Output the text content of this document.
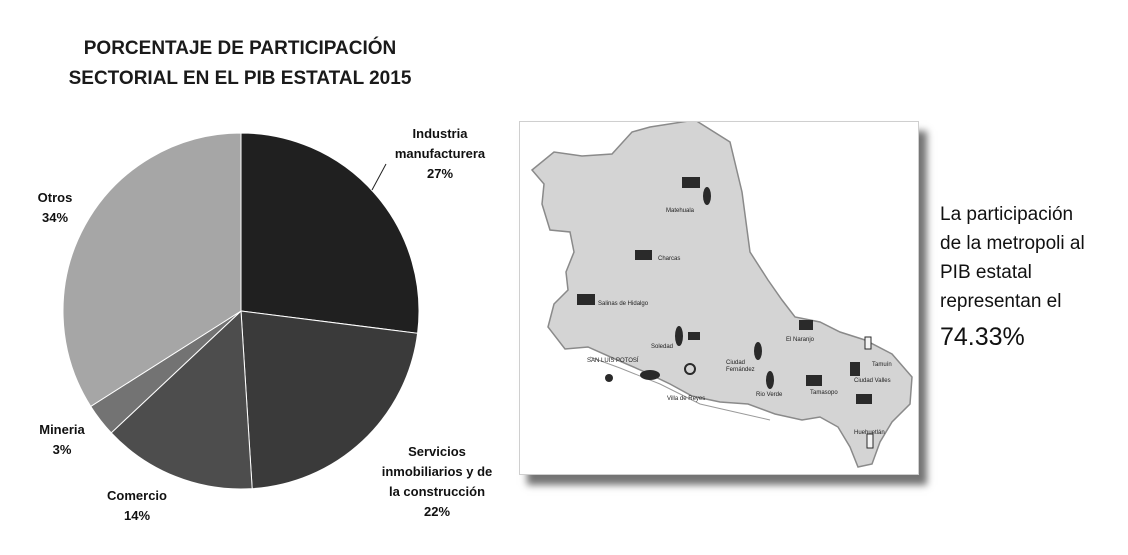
PORCENTAJE DE PARTICIPACIÓN
SECTORIAL EN EL PIB ESTATAL 2015
Industria
manufacturera
27%
Servicios
inmobiliarios y de
la construcción
22%
Comercio
14%
Mineria
3%
Otros
34%	Matehuala
Charcas
Salinas de Hidalgo
Soledad
SAN LUIS POTOSÍ	Ciudad Fernández
Rio Verde
Villa de Reyes
El Naranjo
Tamuín
Ciudad Valles
Tamasopo
Huehuetlán
La participación
de la metropoli al
PIB estatal
representan el
74.33%
